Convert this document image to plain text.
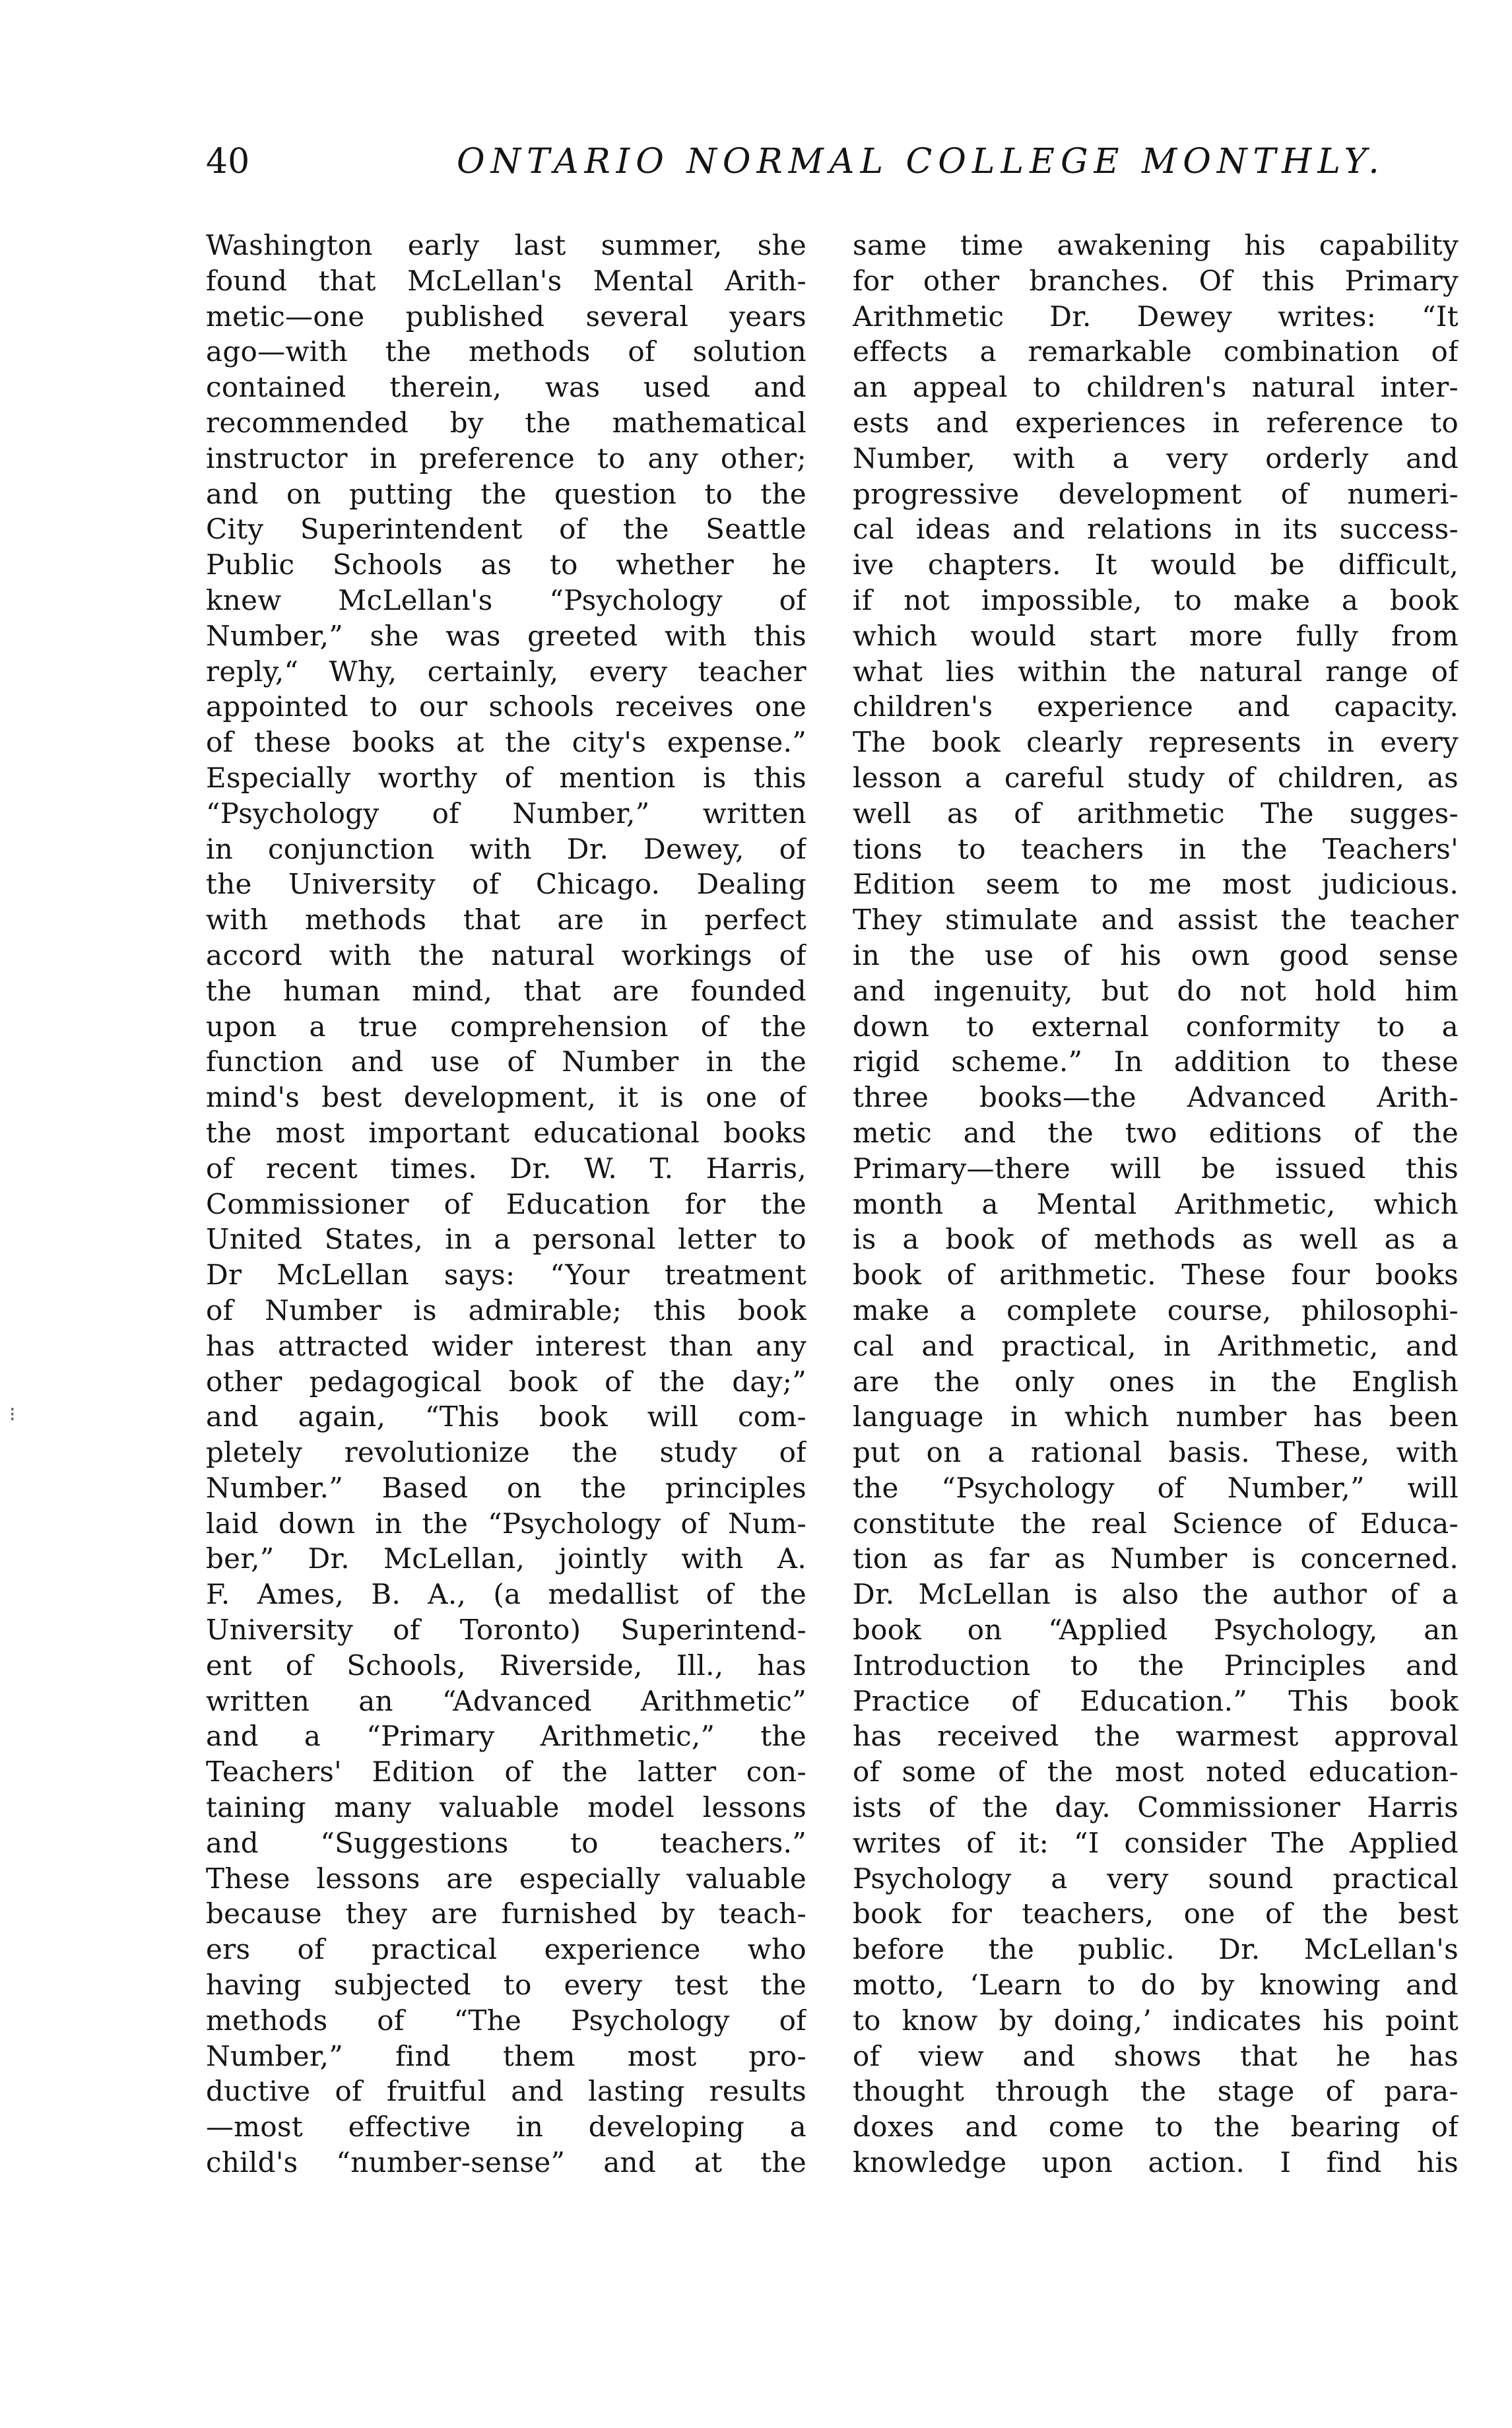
40	ONTARIO NORMAL COLLEGE MONTHLY.
Washington early last summer, she
found that McLellan's Mental Arith-
metic—one published several years
ago—with the methods of solution
contained therein, was used and
recommended by the mathematical
instructor in preference to any other;
and on putting the question to the
City Superintendent of the Seattle
Public Schools as to whether he
knew McLellan's “Psychology of
Number,” she was greeted with this
reply,“ Why, certainly, every teacher
appointed to our schools receives one
of these books at the city's expense.”
Especially worthy of mention is this
“Psychology of Number,” written
in conjunction with Dr. Dewey, of
the University of Chicago. Dealing
with methods that are in perfect
accord with the natural workings of
the human mind, that are founded
upon a true comprehension of the
function and use of Number in the
mind's best development, it is one of
the most important educational books
of recent times. Dr. W. T. Harris,
Commissioner of Education for the
United States, in a personal letter to
Dr McLellan says: “Your treatment
of Number is admirable; this book
has attracted wider interest than any
other pedagogical book of the day;”
and again, “This book will com-
pletely revolutionize the study of
Number.” Based on the principles
laid down in the “Psychology of Num-
ber,” Dr. McLellan, jointly with A.
F. Ames, B. A., (a medallist of the
University of Toronto) Superintend-
ent of Schools, Riverside, Ill., has
written an “Advanced Arithmetic”
and a “Primary Arithmetic,” the
Teachers' Edition of the latter con-
taining many valuable model lessons
and “Suggestions to teachers.”
These lessons are especially valuable
because they are furnished by teach-
ers of practical experience who
having subjected to every test the
methods of “The Psychology of
Number,” find them most pro-
ductive of fruitful and lasting results
—most effective in developing a
child's “number-sense” and at the
same time awakening his capability
for other branches. Of this Primary
Arithmetic Dr. Dewey writes: “It
effects a remarkable combination of
an appeal to children's natural inter-
ests and experiences in reference to
Number, with a very orderly and
progressive development of numeri-
cal ideas and relations in its success-
ive chapters. It would be difficult,
if not impossible, to make a book
which would start more fully from
what lies within the natural range of
children's experience and capacity.
The book clearly represents in every
lesson a careful study of children, as
well as of arithmetic The sugges-
tions to teachers in the Teachers'
Edition seem to me most judicious.
They stimulate and assist the teacher
in the use of his own good sense
and ingenuity, but do not hold him
down to external conformity to a
rigid scheme.” In addition to these
three books—the Advanced Arith-
metic and the two editions of the
Primary—there will be issued this
month a Mental Arithmetic, which
is a book of methods as well as a
book of arithmetic. These four books
make a complete course, philosophi-
cal and practical, in Arithmetic, and
are the only ones in the English
language in which number has been
put on a rational basis. These, with
the “Psychology of Number,” will
constitute the real Science of Educa-
tion as far as Number is concerned.
Dr. McLellan is also the author of a
book on “Applied Psychology, an
Introduction to the Principles and
Practice of Education.” This book
has received the warmest approval
of some of the most noted education-
ists of the day. Commissioner Harris
writes of it: “I consider The Applied
Psychology a very sound practical
book for teachers, one of the best
before the public. Dr. McLellan's
motto, ‘Learn to do by knowing and
to know by doing,’ indicates his point
of view and shows that he has
thought through the stage of para-
doxes and come to the bearing of
knowledge upon action. I find his
⁝
